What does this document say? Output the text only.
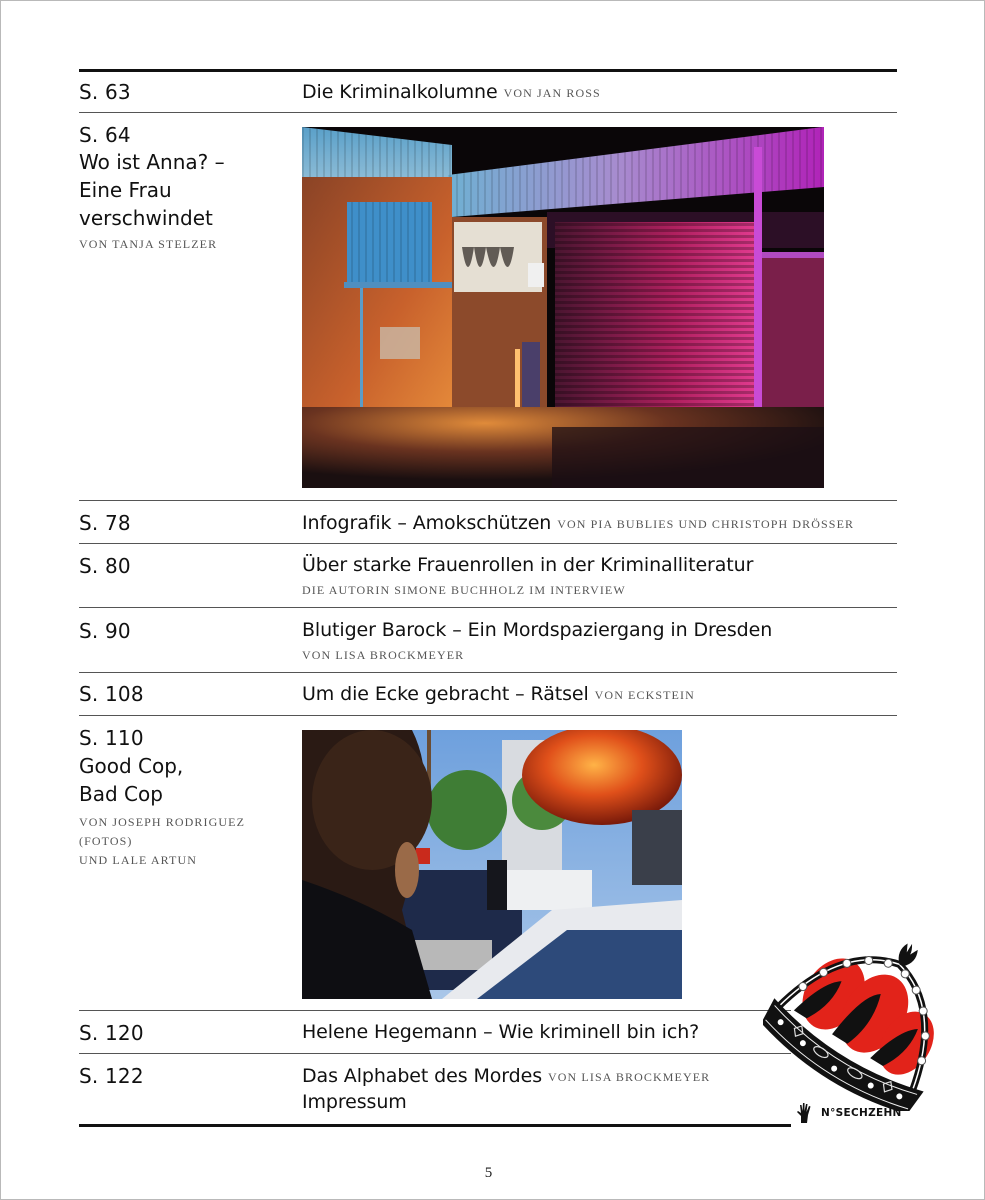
S. 63	Die Kriminalkolumne VON JAN ROSS
S. 64
Wo ist Anna? –
Eine Frau
verschwindet
VON TANJA STELZER
S. 78	Infografik – Amokschützen VON PIA BUBLIES UND CHRISTOPH DRÖSSER
S. 80	Über starke Frauenrollen in der Kriminalliteratur
DIE AUTORIN SIMONE BUCHHOLZ IM INTERVIEW
S. 90	Blutiger Barock – Ein Mordspaziergang in Dresden
VON LISA BROCKMEYER
S. 108	Um die Ecke gebracht – Rätsel VON ECKSTEIN
S. 110
Good Cop,
Bad Cop
VON JOSEPH RODRIGUEZ
(FOTOS)
UND LALE ARTUN
S. 120	Helene Hegemann – Wie kriminell bin ich?
S. 122	Das Alphabet des Mordes VON LISA BROCKMEYER
Impressum	N°SECHZEHN
5
